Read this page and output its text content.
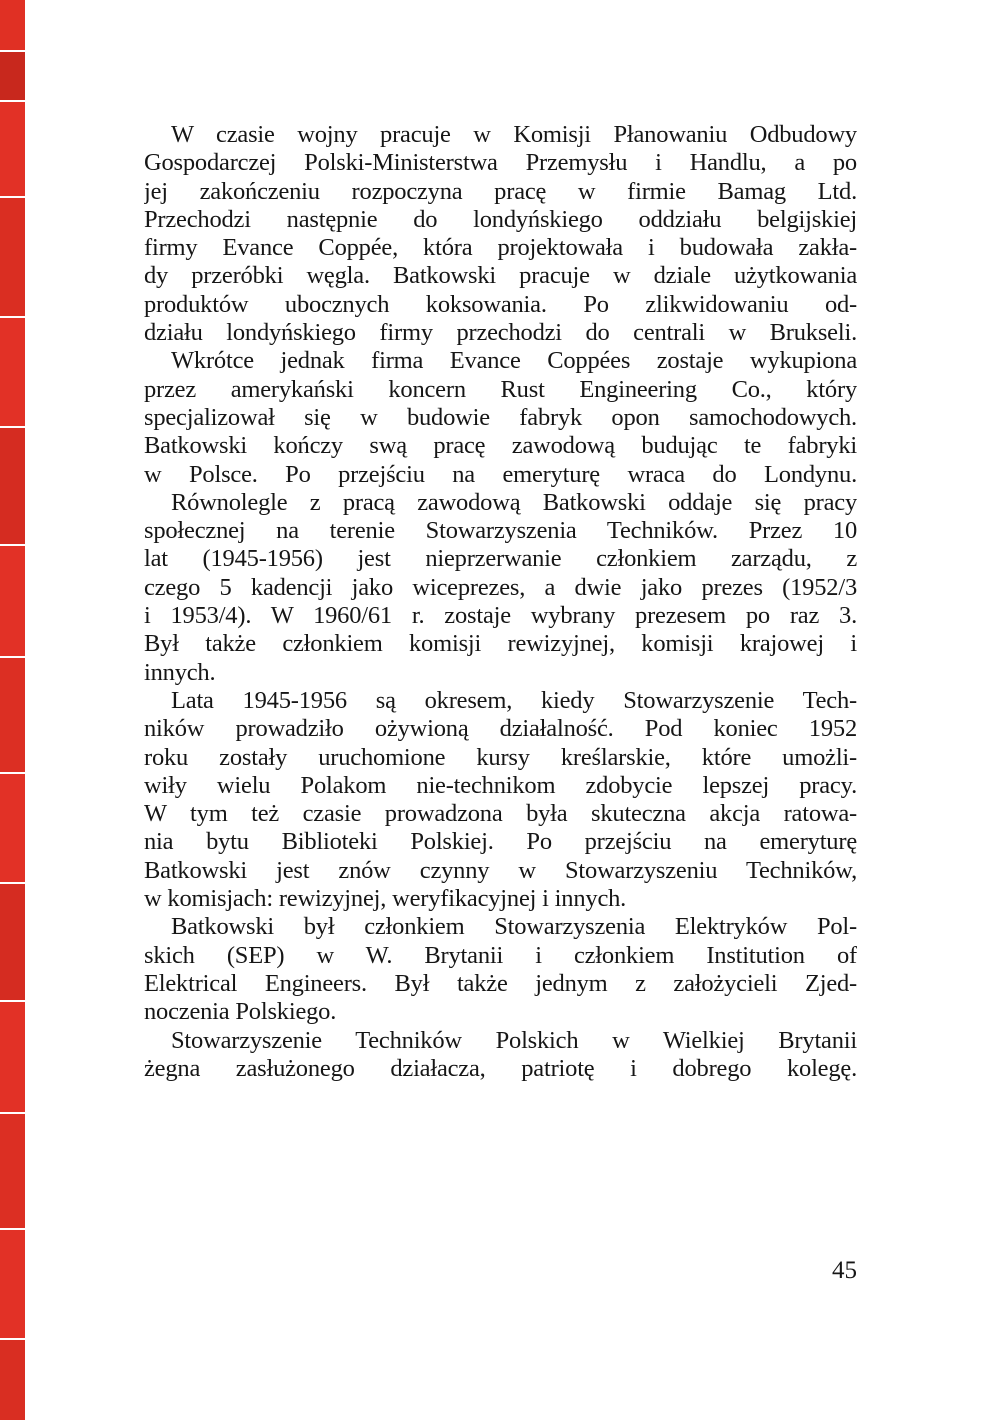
W czasie wojny pracuje w Komisji Płanowaniu Odbudowy
Gospodarczej Polski-Ministerstwa Przemysłu i Handlu, a po
jej zakończeniu rozpoczyna pracę w firmie Bamag Ltd.
Przechodzi następnie do londyńskiego oddziału belgijskiej
firmy Evance Coppée, która projektowała i budowała zakła-
dy przeróbki węgla. Batkowski pracuje w dziale użytkowania
produktów ubocznych koksowania. Po zlikwidowaniu od-
działu londyńskiego firmy przechodzi do centrali w Brukseli.
Wkrótce jednak firma Evance Coppées zostaje wykupiona
przez amerykański koncern Rust Engineering Co., który
specjalizował się w budowie fabryk opon samochodowych.
Batkowski kończy swą pracę zawodową budując te fabryki
w Polsce. Po przejściu na emeryturę wraca do Londynu.
Równolegle z pracą zawodową Batkowski oddaje się pracy
społecznej na terenie Stowarzyszenia Techników. Przez 10
lat (1945-1956) jest nieprzerwanie członkiem zarządu, z
czego 5 kadencji jako wiceprezes, a dwie jako prezes (1952/3
i 1953/4). W 1960/61 r. zostaje wybrany prezesem po raz 3.
Był także członkiem komisji rewizyjnej, komisji krajowej i
innych.
Lata 1945-1956 są okresem, kiedy Stowarzyszenie Tech-
ników prowadziło ożywioną działalność. Pod koniec 1952
roku zostały uruchomione kursy kreślarskie, które umożli-
wiły wielu Polakom nie-technikom zdobycie lepszej pracy.
W tym też czasie prowadzona była skuteczna akcja ratowa-
nia bytu Biblioteki Polskiej. Po przejściu na emeryturę
Batkowski jest znów czynny w Stowarzyszeniu Techników,
w komisjach: rewizyjnej, weryfikacyjnej i innych.
Batkowski był członkiem Stowarzyszenia Elektryków Pol-
skich (SEP) w W. Brytanii i członkiem Institution of
Elektrical Engineers. Był także jednym z założycieli Zjed-
noczenia Polskiego.
Stowarzyszenie Techników Polskich w Wielkiej Brytanii
żegna zasłużonego działacza, patriotę i dobrego kolegę.
45
